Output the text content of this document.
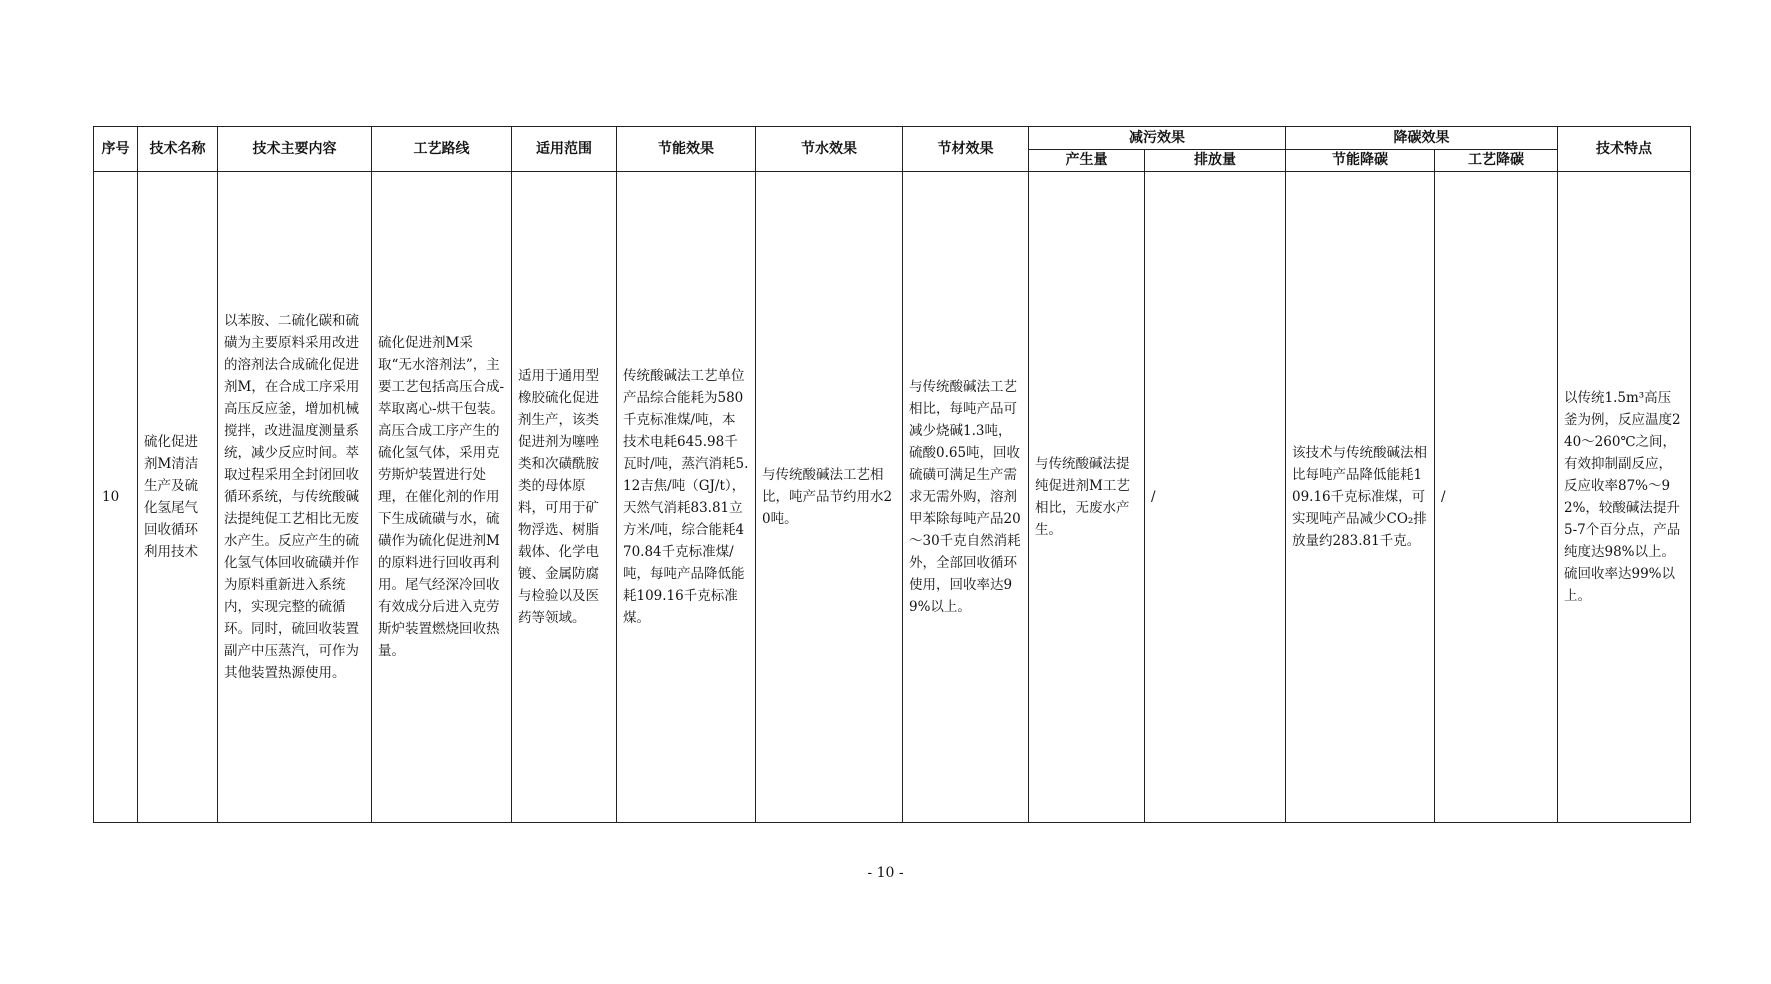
序号	技术名称	技术主要内容	工艺路线	适用范围	节能效果	节水效果	节材效果	减污效果		降碳效果		技术特点
								产生量	排放量	节能降碳	工艺降碳	
10	硫化促进剂M清洁生产及硫化氢尾气回收循环利用技术	以苯胺、二硫化碳和硫磺为主要原料采用改进的溶剂法合成硫化促进剂M，在合成工序采用高压反应釜，增加机械搅拌，改进温度测量系统，减少反应时间。萃取过程采用全封闭回收循环系统，与传统酸碱法提纯促工艺相比无废水产生。反应产生的硫化氢气体回收硫磺并作为原料重新进入系统内，实现完整的硫循环。同时，硫回收装置副产中压蒸汽，可作为其他装置热源使用。	硫化促进剂M采取“无水溶剂法”，主要工艺包括高压合成-萃取离心-烘干包装。高压合成工序产生的硫化氢气体，采用克劳斯炉装置进行处理，在催化剂的作用下生成硫磺与水，硫磺作为硫化促进剂M的原料进行回收再利用。尾气经深冷回收有效成分后进入克劳斯炉装置燃烧回收热量。	适用于通用型橡胶硫化促进剂生产，该类促进剂为噻唑类和次磺酰胺类的母体原料，可用于矿物浮选、树脂载体、化学电镀、金属防腐与检验以及医药等领域。	传统酸碱法工艺单位产品综合能耗为580千克标准煤/吨，本技术电耗645.98千瓦时/吨，蒸汽消耗5.12吉焦/吨（GJ/t），天然气消耗83.81立方米/吨，综合能耗470.84千克标准煤/吨，每吨产品降低能耗109.16千克标准煤。	与传统酸碱法工艺相比，吨产品节约用水20吨。	与传统酸碱法工艺相比，每吨产品可减少烧碱1.3吨，硫酸0.65吨，回收硫磺可满足生产需求无需外购，溶剂甲苯除每吨产品20～30千克自然消耗外，全部回收循环使用，回收率达99%以上。	与传统酸碱法提纯促进剂M工艺相比，无废水产生。	/	该技术与传统酸碱法相比每吨产品降低能耗109.16千克标准煤，可实现吨产品减少CO₂排放量约283.81千克。	/	以传统1.5m³高压釜为例，反应温度240～260℃之间，有效抑制副反应，反应收率87%～92%，较酸碱法提升5-7个百分点，产品纯度达98%以上。硫回收率达99%以上。
- 10 -
